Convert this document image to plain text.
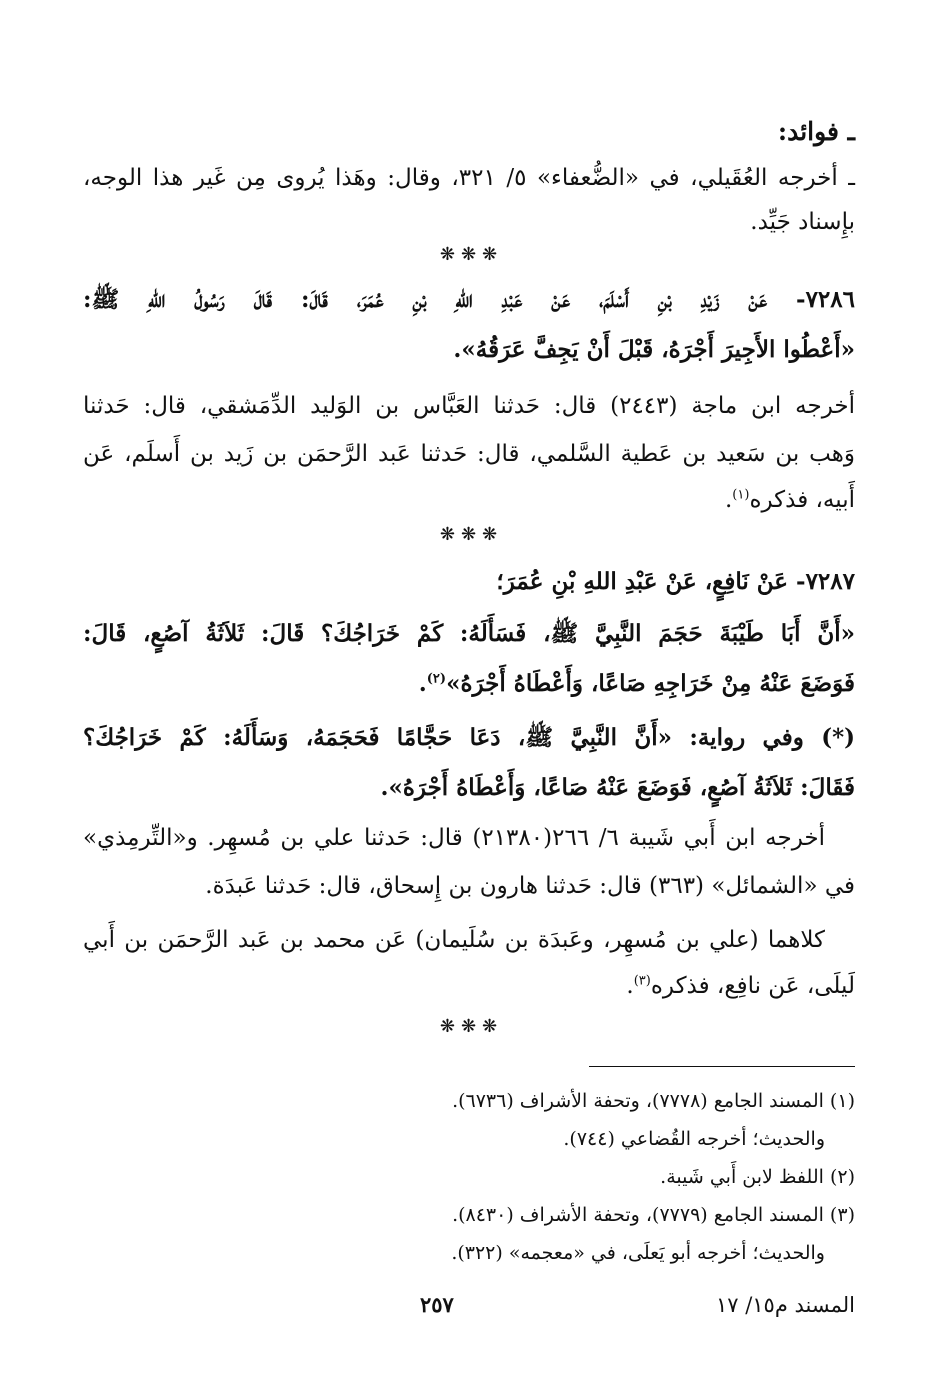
ـ فوائد:
ـ أخرجه العُقَيلي، في «الضُّعفاء» ٥/ ٣٢١، وقال: وهَذا يُروى مِن غَير هذا الوجه،
بإِسناد جَيِّد.
❋❋❋
٧٢٨٦- عَنْ زَيْدِ بْنِ أَسْلَمَ، عَنْ عَبْدِ اللهِ بْنِ عُمَرَ، قَالَ: قَالَ رَسُولُ اللهِ ﷺ:
«أَعْطُوا الأَجِيرَ أَجْرَهُ، قَبْلَ أَنْ يَجِفَّ عَرَقُهُ».
أخرجه ابن ماجة (٢٤٤٣) قال: حَدثنا العَبَّاس بن الوَليد الدِّمَشقي، قال: حَدثنا
وَهب بن سَعيد بن عَطية السَّلمي، قال: حَدثنا عَبد الرَّحمَن بن زَيد بن أَسلَم، عَن
أَبيه، فذكره$^{(١)}$.
❋❋❋
٧٢٨٧- عَنْ نَافِعٍ، عَنْ عَبْدِ اللهِ بْنِ عُمَرَ؛
«أَنَّ أَبَا طَيْبَةَ حَجَمَ النَّبِيَّ ﷺ، فَسَأَلَهُ: كَمْ خَرَاجُكَ؟ قَالَ: ثَلاَثَةُ آصُعٍ، قَالَ:
فَوَضَعَ عَنْهُ مِنْ خَرَاجِهِ صَاعًا، وَأَعْطَاهُ أَجْرَهُ»$^{(٢)}$.
(*) وفي رواية: «أَنَّ النَّبِيَّ ﷺ، دَعَا حَجَّامًا فَحَجَمَهُ، وَسَأَلَهُ: كَمْ خَرَاجُكَ؟
فَقَالَ: ثَلاَثَةُ آصُعٍ، فَوَضَعَ عَنْهُ صَاعًا، وَأَعْطَاهُ أَجْرَهُ».
أخرجه ابن أَبي شَيبة ٦/ ٢٦٦(٢١٣٨٠) قال: حَدثنا علي بن مُسهِر. و«التِّرمِذي»
في «الشمائل» (٣٦٣) قال: حَدثنا هارون بن إِسحاق، قال: حَدثنا عَبدَة.
كلاهما (علي بن مُسهِر، وعَبدَة بن سُلَيمان) عَن محمد بن عَبد الرَّحمَن بن أَبي
لَيلَى، عَن نافِع، فذكره$^{(٣)}$.
❋❋❋
(١) المسند الجامع (٧٧٧٨)، وتحفة الأشراف (٦٧٣٦).
والحديث؛ أخرجه القُضاعي (٧٤٤).
(٢) اللفظ لابن أَبي شَيبة.
(٣) المسند الجامع (٧٧٧٩)، وتحفة الأشراف (٨٤٣٠).
والحديث؛ أخرجه أبو يَعلَى، في «معجمه» (٣٢٢).
المسند م١٥/ ١٧
٢٥٧
